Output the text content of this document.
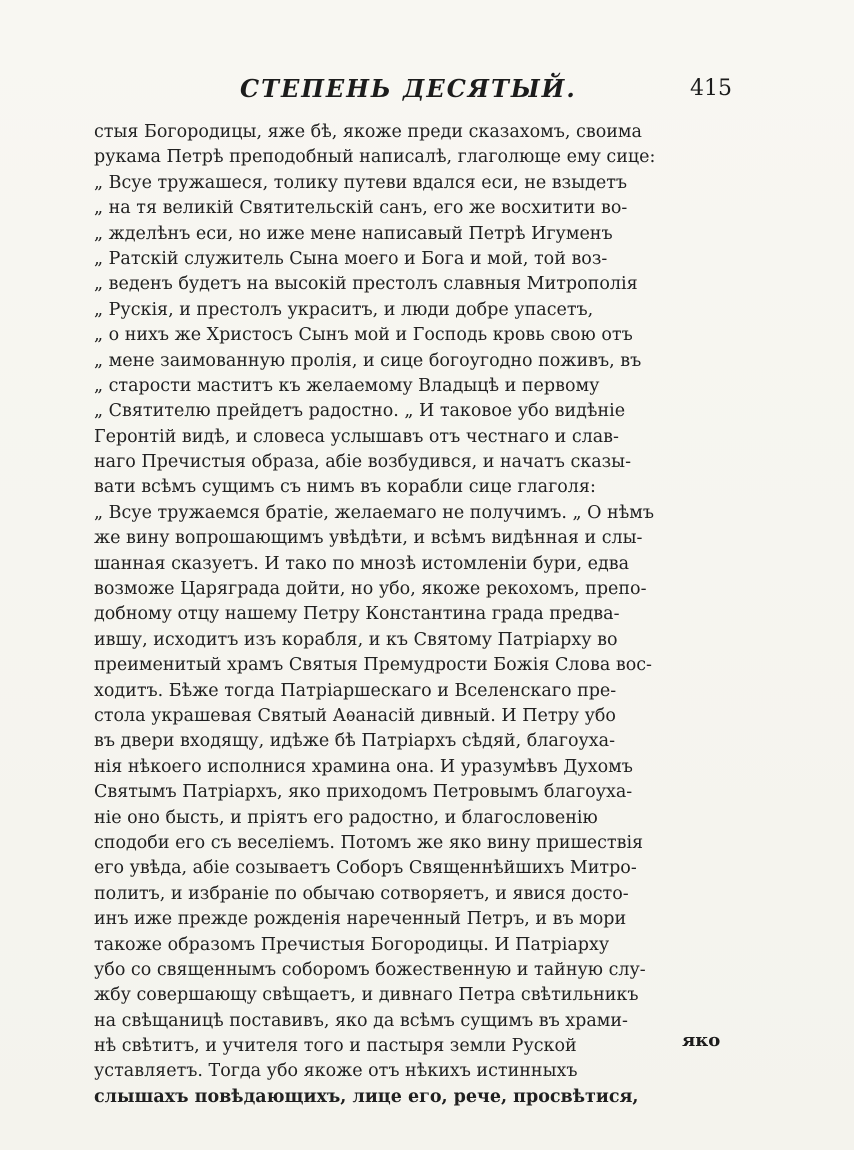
СТЕПЕНЬ ДЕСЯТЫЙ.	415
стыя Богородицы, яже бѣ, якоже преди сказахомъ, своима
рукама Петрѣ преподобный написалѣ, глаголюще ему сице:
„ Всуе тружашеся, толику путеви вдался еси, не взыдетъ
„ на тя великій Святительскій санъ, его же восхитити во-
„ жделѣнъ еси, но иже мене написавый Петрѣ Игуменъ
„ Ратскій служитель Сына моего и Бога и мой, той воз-
„ веденъ будетъ на высокій престолъ славныя Митрополія
„ Рускія, и престолъ украситъ, и люди добре упасетъ,
„ о нихъ же Христосъ Сынъ мой и Господь кровь свою отъ
„ мене заимованную пролія, и сице богоугодно поживъ, въ
„ старости маститъ къ желаемому Владыцѣ и первому
„ Святителю прейдетъ радостно. „ И таковое убо видѣніе
Геронтій видѣ, и словеса услышавъ отъ честнаго и слав-
наго Пречистыя образа, абіе возбудився, и начатъ сказы-
вати всѣмъ сущимъ съ нимъ въ корабли сице глаголя:
„ Всуе тружаемся братіе, желаемаго не получимъ. „ О нѣмъ
же вину вопрошающимъ увѣдѣти, и всѣмъ видѣнная и слы-
шанная сказуетъ. И тако по мнозѣ истомленіи бури, едва
возможе Царяграда дойти, но убо, якоже рекохомъ, препо-
добному отцу нашему Петру Константина града предва-
ившу, исходитъ изъ корабля, и къ Святому Патріарху во
преименитый храмъ Святыя Премудрости Божія Слова вос-
ходитъ. Бѣже тогда Патріаршескаго и Вселенскаго пре-
стола украшевая Святый Аѳанасій дивный. И Петру убо
въ двери входящу, идѣже бѣ Патріархъ сѣдяй, благоуха-
нія нѣкоего исполнися храмина она. И уразумѣвъ Духомъ
Святымъ Патріархъ, яко приходомъ Петровымъ благоуха-
ніе оно бысть, и пріятъ его радостно, и благословенію
сподоби его съ веселіемъ. Потомъ же яко вину пришествія
его увѣда, абіе созываетъ Соборъ Священнѣйшихъ Митро-
политъ, и избраніе по обычаю сотворяетъ, и явися досто-
инъ иже прежде рожденія нареченный Петръ, и въ мори
такоже образомъ Пречистыя Богородицы. И Патріарху
убо со священнымъ соборомъ божественную и тайную слу-
жбу совершающу свѣщаетъ, и дивнаго Петра свѣтильникъ
на свѣщаницѣ поставивъ, яко да всѣмъ сущимъ въ храми-
нѣ свѣтитъ, и учителя того и пастыря земли Руской
уставляетъ. Тогда убо якоже отъ нѣкихъ истинныхъ
слышахъ повѣдающихъ, лице его, рече, просвѣтися,
яко
